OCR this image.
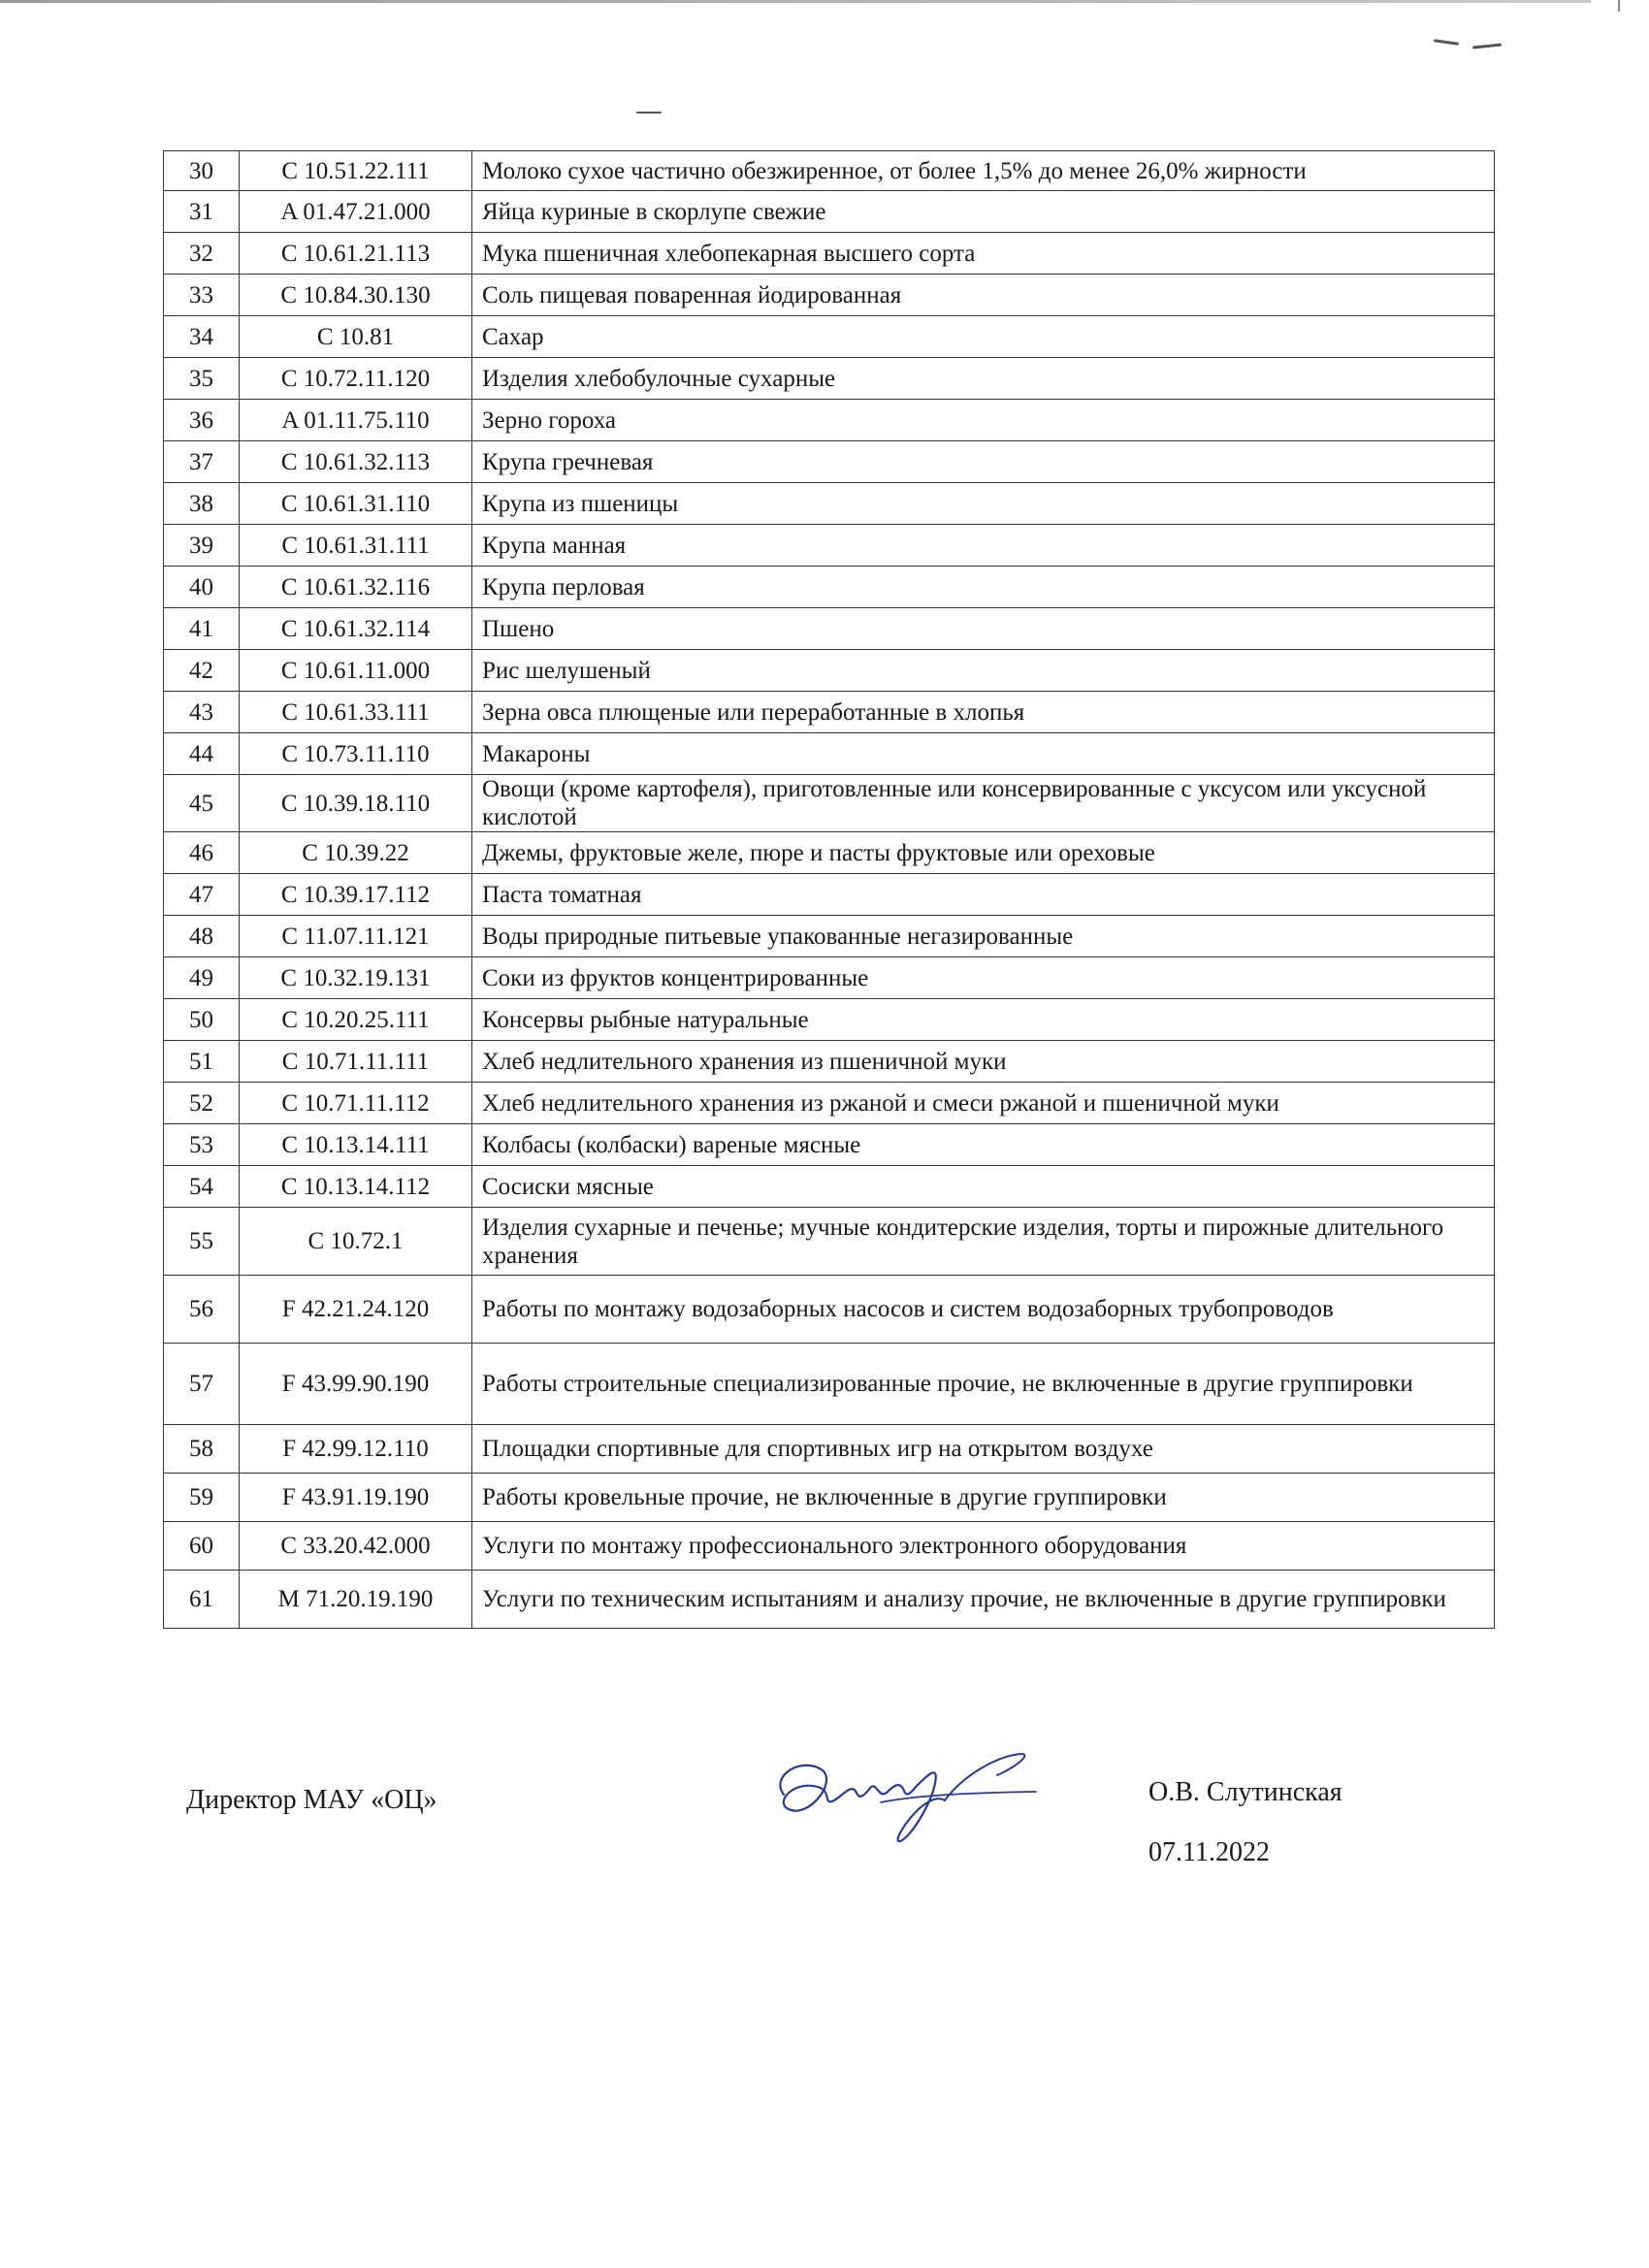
30	С 10.51.22.111	Молоко сухое частично обезжиренное, от более 1,5% до менее 26,0% жирности
31	A 01.47.21.000	Яйца куриные в скорлупе свежие
32	С 10.61.21.113	Мука пшеничная хлебопекарная высшего сорта
33	С 10.84.30.130	Соль пищевая поваренная йодированная
34	С 10.81	Сахар
35	С 10.72.11.120	Изделия хлебобулочные сухарные
36	A 01.11.75.110	Зерно гороха
37	С 10.61.32.113	Крупа гречневая
38	С 10.61.31.110	Крупа из пшеницы
39	С 10.61.31.111	Крупа манная
40	С 10.61.32.116	Крупа перловая
41	С 10.61.32.114	Пшено
42	С 10.61.11.000	Рис шелушеный
43	С 10.61.33.111	Зерна овса плющеные или переработанные в хлопья
44	С 10.73.11.110	Макароны
45	С 10.39.18.110	Овощи (кроме картофеля), приготовленные или консервированные с уксусом или уксусной кислотой
46	С 10.39.22	Джемы, фруктовые желе, пюре и пасты фруктовые или ореховые
47	С 10.39.17.112	Паста томатная
48	С 11.07.11.121	Воды природные питьевые упакованные негазированные
49	С 10.32.19.131	Соки из фруктов концентрированные
50	С 10.20.25.111	Консервы рыбные натуральные
51	С 10.71.11.111	Хлеб недлительного хранения из пшеничной муки
52	С 10.71.11.112	Хлеб недлительного хранения из ржаной и смеси ржаной и пшеничной муки
53	С 10.13.14.111	Колбасы (колбаски) вареные мясные
54	С 10.13.14.112	Сосиски мясные
55	С 10.72.1	Изделия сухарные и печенье; мучные кондитерские изделия, торты и пирожные длительного хранения
56	F 42.21.24.120	Работы по монтажу водозаборных насосов и систем водозаборных трубопроводов
57	F 43.99.90.190	Работы строительные специализированные прочие, не включенные в другие группировки
58	F 42.99.12.110	Площадки спортивные для спортивных игр на открытом воздухе
59	F 43.91.19.190	Работы кровельные прочие, не включенные в другие группировки
60	С 33.20.42.000	Услуги по монтажу профессионального электронного оборудования
61	M 71.20.19.190	Услуги по техническим испытаниям и анализу прочие, не включенные в другие группировки
Директор МАУ «ОЦ»	О.В. Слутинская
07.11.2022
